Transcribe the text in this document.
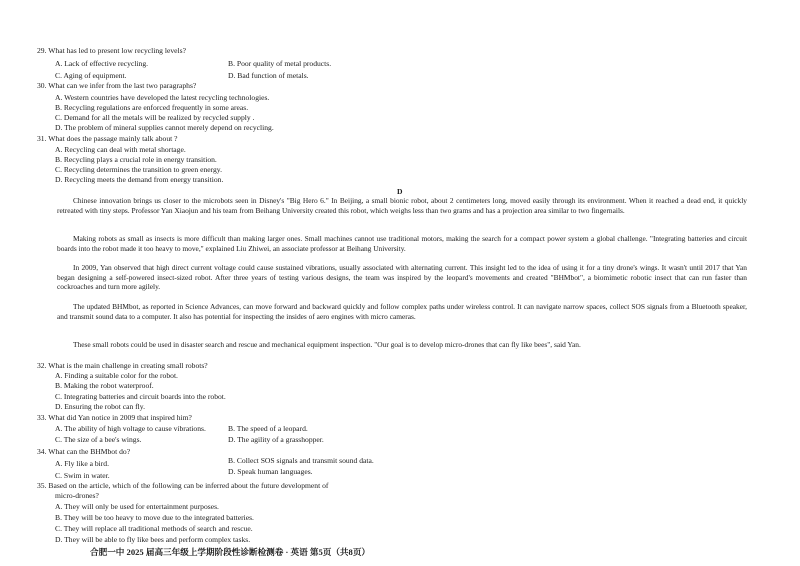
29. What has led to present low recycling levels?
A. Lack of effective recycling.	B. Poor quality of metal products.
C. Aging of equipment.	D. Bad function of metals.
30. What can we infer from the last two paragraphs?
A. Western countries have developed the latest recycling technologies.
B. Recycling regulations are enforced frequently in some areas.
C. Demand for all the metals will be realized by recycled supply .
D. The problem of mineral supplies cannot merely depend on recycling.
31. What does the passage mainly talk about ?
A. Recycling can deal with metal shortage.
B. Recycling plays a crucial role in energy transition.
C. Recycling determines the transition to green energy.
D. Recycling meets the demand from energy transition.
D
Chinese innovation brings us closer to the microbots seen in Disney's "Big Hero 6." In Beijing, a small bionic robot, about 2 centimeters long, moved easily through its environment. When it reached a dead end, it quickly retreated with tiny steps. Professor Yan Xiaojun and his team from Beihang University created this robot, which weighs less than two grams and has a projection area similar to two fingernails.
Making robots as small as insects is more difficult than making larger ones. Small machines cannot use traditional motors, making the search for a compact power system a global challenge. "Integrating batteries and circuit boards into the robot made it too heavy to move," explained Liu Zhiwei, an associate professor at Beihang University.
In 2009, Yan observed that high direct current voltage could cause sustained vibrations, usually associated with alternating current. This insight led to the idea of using it for a tiny drone's wings. It wasn't until 2017 that Yan began designing a self-powered insect-sized robot. After three years of testing various designs, the team was inspired by the leopard's movements and created "BHMbot", a biomimetic robotic insect that can run faster than cockroaches and turn more agilely.
The updated BHMbot, as reported in Science Advances, can move forward and backward quickly and follow complex paths under wireless control. It can navigate narrow spaces, collect SOS signals from a Bluetooth speaker, and transmit sound data to a computer. It also has potential for inspecting the insides of aero engines with micro cameras.
These small robots could be used in disaster search and rescue and mechanical equipment inspection. "Our goal is to develop micro-drones that can fly like bees", said Yan.
32. What is the main challenge in creating small robots?
A. Finding a suitable color for the robot.
B. Making the robot waterproof.
C. Integrating batteries and circuit boards into the robot.
D. Ensuring the robot can fly.
33. What did Yan notice in 2009 that inspired him?
A. The ability of high voltage to cause vibrations.	B. The speed of a leopard.
C. The size of a bee's wings.	D. The agility of a grasshopper.
34. What can the BHMbot do?
A. Fly like a bird.	B. Collect SOS signals and transmit sound data.
C. Swim in water.	D. Speak human languages.
35. Based on the article, which of the following can be inferred about the future development of
micro-drones?
A. They will only be used for entertainment purposes.
B. They will be too heavy to move due to the integrated batteries.
C. They will replace all traditional methods of search and rescue.
D. They will be able to fly like bees and perform complex tasks.
合肥一中 2025 届高三年级上学期阶段性诊断检测卷 · 英语 第5页（共8页）
